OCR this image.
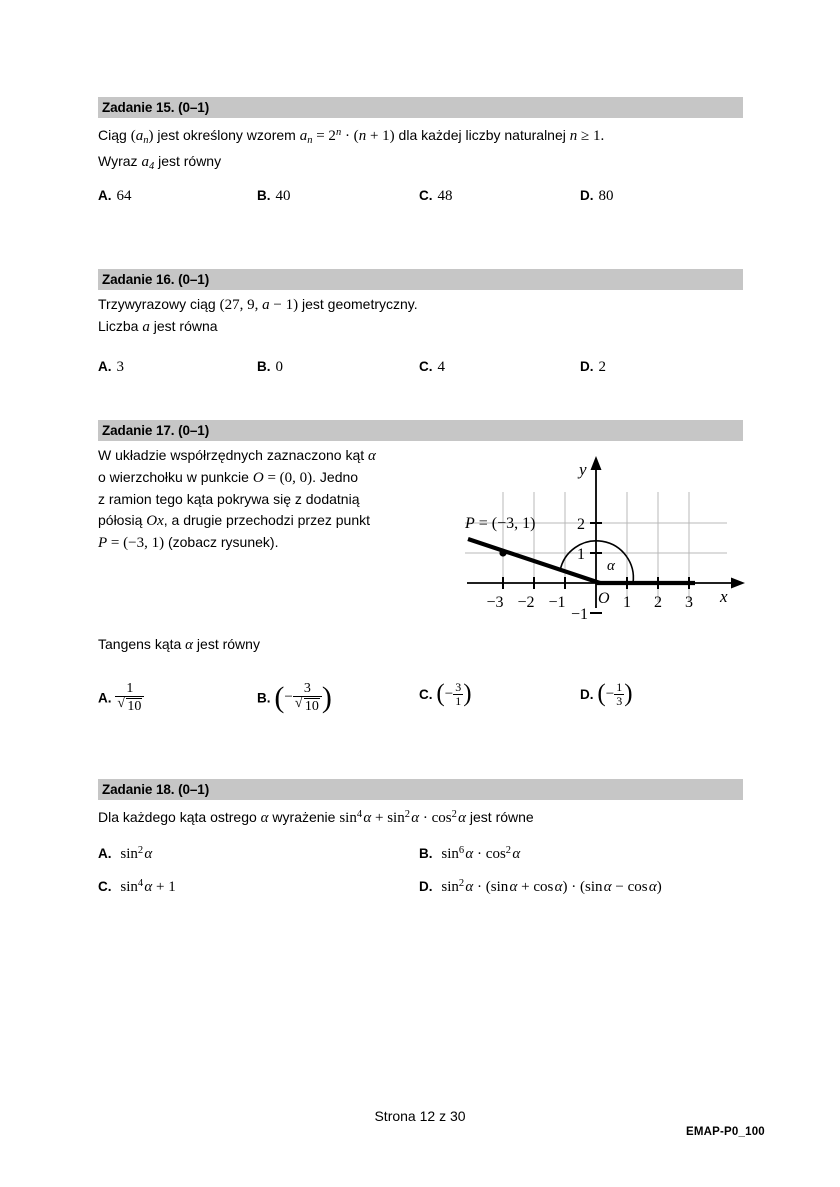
Zadanie 15. (0–1)
Ciąg (an) jest określony wzorem an = $2^n \cdot (n + 1)$ dla każdej liczby naturalnej n ≥ 1.
Wyraz a4 jest równy
A. 64	B. 40	C. 48	D. 80
Zadanie 16. (0–1)
Trzywyrazowy ciąg (27, 9, a − 1) jest geometryczny.
Liczba a jest równa
A. 3	B. 0	C. 4	D. 2
Zadanie 17. (0–1)
W układzie współrzędnych zaznaczono kąt α
o wierzchołku w punkcie O = (0, 0). Jedno
z ramion tego kąta pokrywa się z dodatnią
półosią Ox, a drugie przechodzi przez punkt
P = (−3, 1) (zobacz rysunek).
y
x
O
α
−3 −2 −1	1 2 3
2
1
−1
P = (−3, 1)
Tangens kąta α jest równy
A. $\frac{1}{√ 10}$	B. (− $\frac{3}{√ 10}$ )	C. (− $\frac{3}{1}$ )	D. (− $\frac{1}{3}$ )
Zadanie 18. (0–1)
Dla każdego kąta ostrego α wyrażenie $\sin^4$ $\alpha + \sin^2$ $\alpha \cdot \cos^2$ α jest równe
A. $\sin^2$ α	B. $\sin^6$ $\alpha \cdot \cos^2$ α
C. $\sin^4$ α + 1	D. $\sin^2$ α · (sin α + cos α) · (sin α − cos α)
Strona 12 z 30
EMAP-P0_100
